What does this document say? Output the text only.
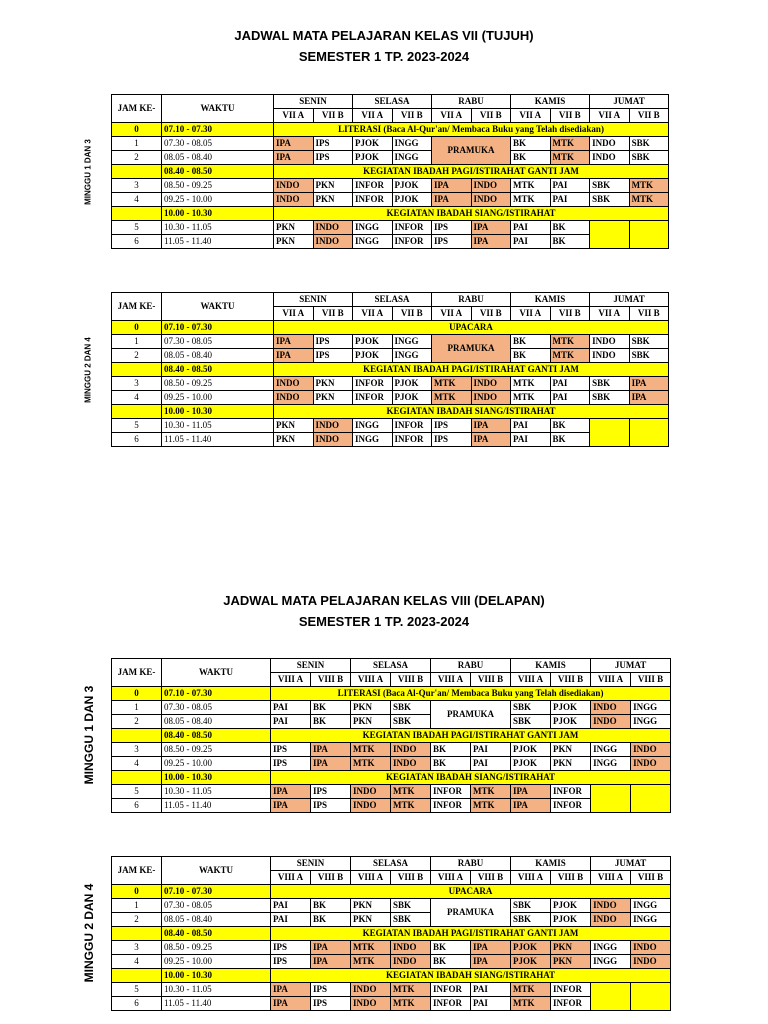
JADWAL MATA PELAJARAN KELAS VII (TUJUH)
SEMESTER 1 TP. 2023-2024
MINGGU 1 DAN 3
JAM KE-	WAKTU	SENIN		SELASA		RABU		KAMIS		JUMAT	
		VII A	VII B	VII A	VII B	VII A	VII B	VII A	VII B	VII A	VII B
0	07.10 - 07.30	LITERASI (Baca Al-Qur'an/ Membaca Buku yang Telah disediakan)									
1	07.30 - 08.05	IPA	IPS	PJOK	INGG	PRAMUKA		BK	MTK	INDO	SBK
2	08.05 - 08.40	IPA	IPS	PJOK	INGG			BK	MTK	INDO	SBK
	08.40 - 08.50	KEGIATAN IBADAH PAGI/ISTIRAHAT GANTI JAM									
3	08.50 - 09.25	INDO	PKN	INFOR	PJOK	IPA	INDO	MTK	PAI	SBK	MTK
4	09.25 - 10.00	INDO	PKN	INFOR	PJOK	IPA	INDO	MTK	PAI	SBK	MTK
	10.00 - 10.30	KEGIATAN IBADAH SIANG/ISTIRAHAT									
5	10.30 - 11.05	PKN	INDO	INGG	INFOR	IPS	IPA	PAI	BK		
6	11.05 - 11.40	PKN	INDO	INGG	INFOR	IPS	IPA	PAI	BK		
MINGGU 2 DAN 4
JAM KE-	WAKTU	SENIN		SELASA		RABU		KAMIS		JUMAT	
		VII A	VII B	VII A	VII B	VII A	VII B	VII A	VII B	VII A	VII B
0	07.10 - 07.30	UPACARA									
1	07.30 - 08.05	IPA	IPS	PJOK	INGG	PRAMUKA		BK	MTK	INDO	SBK
2	08.05 - 08.40	IPA	IPS	PJOK	INGG			BK	MTK	INDO	SBK
	08.40 - 08.50	KEGIATAN IBADAH PAGI/ISTIRAHAT GANTI JAM									
3	08.50 - 09.25	INDO	PKN	INFOR	PJOK	MTK	INDO	MTK	PAI	SBK	IPA
4	09.25 - 10.00	INDO	PKN	INFOR	PJOK	MTK	INDO	MTK	PAI	SBK	IPA
	10.00 - 10.30	KEGIATAN IBADAH SIANG/ISTIRAHAT									
5	10.30 - 11.05	PKN	INDO	INGG	INFOR	IPS	IPA	PAI	BK		
6	11.05 - 11.40	PKN	INDO	INGG	INFOR	IPS	IPA	PAI	BK		
JADWAL MATA PELAJARAN KELAS VIII (DELAPAN)
SEMESTER 1 TP. 2023-2024
MINGGU 1 DAN 3
JAM KE-	WAKTU	SENIN		SELASA		RABU		KAMIS		JUMAT	
		VIII A	VIII B	VIII A	VIII B	VIII A	VIII B	VIII A	VIII B	VIII A	VIII B
0	07.10 - 07.30	LITERASI (Baca Al-Qur'an/ Membaca Buku yang Telah disediakan)									
1	07.30 - 08.05	PAI	BK	PKN	SBK	PRAMUKA		SBK	PJOK	INDO	INGG
2	08.05 - 08.40	PAI	BK	PKN	SBK			SBK	PJOK	INDO	INGG
	08.40 - 08.50	KEGIATAN IBADAH PAGI/ISTIRAHAT GANTI JAM									
3	08.50 - 09.25	IPS	IPA	MTK	INDO	BK	PAI	PJOK	PKN	INGG	INDO
4	09.25 - 10.00	IPS	IPA	MTK	INDO	BK	PAI	PJOK	PKN	INGG	INDO
	10.00 - 10.30	KEGIATAN IBADAH SIANG/ISTIRAHAT									
5	10.30 - 11.05	IPA	IPS	INDO	MTK	INFOR	MTK	IPA	INFOR		
6	11.05 - 11.40	IPA	IPS	INDO	MTK	INFOR	MTK	IPA	INFOR		
MINGGU 2 DAN 4
JAM KE-	WAKTU	SENIN		SELASA		RABU		KAMIS		JUMAT	
		VIII A	VIII B	VIII A	VIII B	VIII A	VIII B	VIII A	VIII B	VIII A	VIII B
0	07.10 - 07.30	UPACARA									
1	07.30 - 08.05	PAI	BK	PKN	SBK	PRAMUKA		SBK	PJOK	INDO	INGG
2	08.05 - 08.40	PAI	BK	PKN	SBK			SBK	PJOK	INDO	INGG
	08.40 - 08.50	KEGIATAN IBADAH PAGI/ISTIRAHAT GANTI JAM									
3	08.50 - 09.25	IPS	IPA	MTK	INDO	BK	IPA	PJOK	PKN	INGG	INDO
4	09.25 - 10.00	IPS	IPA	MTK	INDO	BK	IPA	PJOK	PKN	INGG	INDO
	10.00 - 10.30	KEGIATAN IBADAH SIANG/ISTIRAHAT									
5	10.30 - 11.05	IPA	IPS	INDO	MTK	INFOR	PAI	MTK	INFOR		
6	11.05 - 11.40	IPA	IPS	INDO	MTK	INFOR	PAI	MTK	INFOR		
